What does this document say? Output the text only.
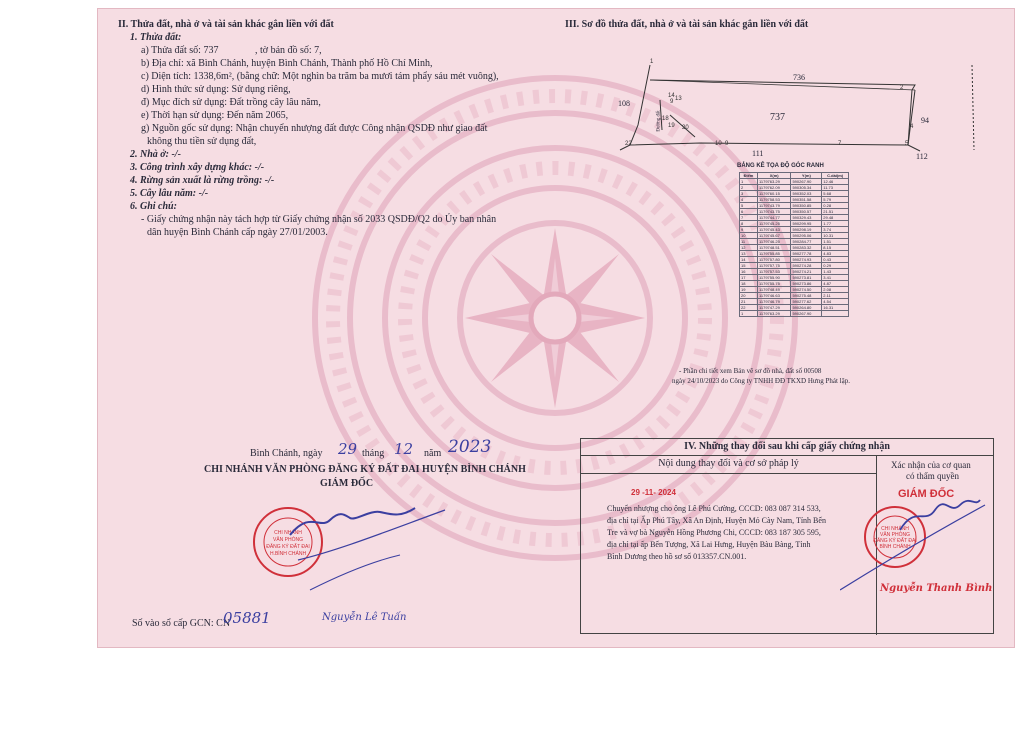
II. Thửa đất, nhà ở và tài sản khác gắn liền với đất
1. Thửa đất:
a) Thửa đất số: 737	, tờ bản đồ số: 7,
b) Địa chỉ: xã Bình Chánh, huyện Bình Chánh, Thành phố Hồ Chí Minh,
c) Diện tích: 1338,6m², (bằng chữ: Một nghìn ba trăm ba mươi tám phẩy sáu mét vuông),
d) Hình thức sử dụng: Sử dụng riêng,
đ) Mục đích sử dụng: Đất trồng cây lâu năm,
e) Thời hạn sử dụng: Đến năm 2065,
g) Nguồn gốc sử dụng: Nhận chuyển nhượng đất được Công nhận QSDĐ như giao đất
không thu tiền sử dụng đất,
2. Nhà ở: -/-
3. Công trình xây dựng khác: -/-
4. Rừng sản xuất là rừng trồng: -/-
5. Cây lâu năm: -/-
6. Ghi chú:
- Giấy chứng nhận này tách hợp từ Giấy chứng nhận số 2033 QSDĐ/Q2 do Ủy ban nhân
dân huyện Bình Chánh cấp ngày 27/01/2003.
III. Sơ đồ thửa đất, nhà ở và tài sản khác gắn liền với đất
9
14 13
18
19 20
10 9	7
2
4
5
22
1
736
108
737	94
111	112
Đường đất
BẢNG KÊ TỌA ĐỘ GÓC RANH
Điểm	X(m)	Y(m)	C.dài(m)
1	1179763.29	590267.90	12.46
2	1179762.09	590305.34	11.73
3	1179760.15	590352.03	5.68
4	1179758.53	590351.58	5.79
5	1179743.79	590350.85	0.28
6	1179743.75	590350.57	21.51
7	1179744.77	590329.43	29.48
8	1179745.25	590299.95	1.77
9	1179745.43	590298.19	3.74
10	1179745.67	590295.06	10.31
11	1179746.25	590284.77	1.51
12	1179748.51	590283.32	8.15
13	1179755.85	590277.78	4.83
14	1179757.80	590274.93	0.43
15	1179757.75	590274.28	0.29
16	1179757.53	590274.21	1.43
17	1179755.90	590273.81	3.41
18	1179755.75	590273.86	4.87
19	1179748.49	590274.50	2.08
20	1179746.63	590275.48	2.11
21	1179746.79	590277.62	4.54
22	1179747.29	590264.80	16.31
1	1179763.29	590267.90	
- Phần chi tiết xem Bản vẽ sơ đồ nhà, đất số 00508
ngày 24/10/2023 do Công ty TNHH ĐĐ TKXD Hưng Phát lập.
Bình Chánh, ngày 29 tháng 12 năm 2023
CHI NHÁNH VĂN PHÒNG ĐĂNG KÝ ĐẤT ĐAI HUYỆN BÌNH CHÁNH
GIÁM ĐỐC
CHI NHÁNH
VĂN PHÒNG
ĐĂNG KÝ ĐẤT ĐAI
H.BÌNH CHÁNH
Số vào sổ cấp GCN: CN
05881	Nguyễn Lê Tuấn
IV. Những thay đổi sau khi cấp giấy chứng nhận
Nội dung thay đổi và cơ sở pháp lý	Xác nhận của cơ quan
có thẩm quyền
29 -11- 2024
Chuyển nhượng cho ông Lê Phú Cường, CCCD: 083 087 314 533,
địa chỉ tại Ấp Phú Tây, Xã An Định, Huyện Mỏ Cày Nam, Tỉnh Bến
Tre và vợ bà Nguyễn Hồng Phương Chi, CCCD: 083 187 305 595,
địa chỉ tại ấp Bến Tượng, Xã Lai Hưng, Huyện Bàu Bàng, Tỉnh
Bình Dương theo hồ sơ số 013357.CN.001.
GIÁM ĐỐC
CHI NHÁNH
VĂN PHÒNG
ĐĂNG KÝ ĐẤT ĐAI
BÌNH CHÁNH
Nguyễn Thanh Bình
